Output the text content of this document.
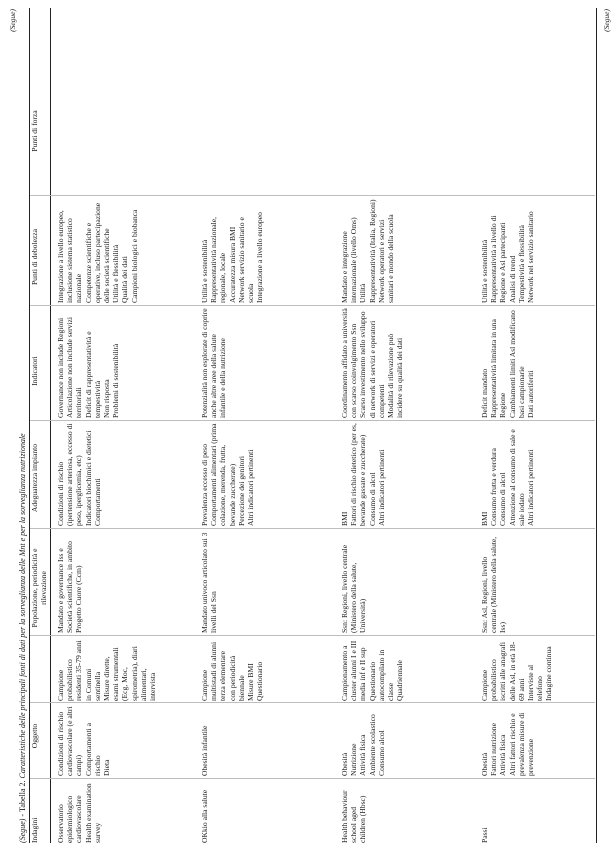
(Segue)
(Segue) - Tabella 2. Caratteristiche delle principali fonti di dati per la sorveglianza delle Mnt e per la sorveglianza nutrizionale
Indagini
Oggetto
Popolazione, periodicità e rilevazione
Adeguatezza impianto
Indicatori
Punti di debolezza
Punti di forza
Osservatorio epidemiologico cardiovascolare Health examination survey
Condizioni di rischio cardiovascolare (e altri campi) Comportamenti a rischio Dieta
Campione probabilistico residenti 35-79 anni in Comuni sentinella Misure dirette, esami strumentali (Ecg, Moc, spirometria), diari alimentari, intervista
Mandato e governance Iss e Società scientifiche, in ambito Progetto Cuore (Ccm)
Condizioni di rischio (ipertensione arteriosa, eccesso di peso, iperglicemia, etc) Indicatori biochimici e dietetici Comportamenti
Governance non include Regioni Articolazione non include servizi territoriali Deficit di rappresentatività e tempestività Non risposta Problemi di sostenibilità
Integrazione a livello europeo, inclusione sistema statistico nazionale Competenze scientifiche e operative, incluso partecipazione delle società scientifiche Utilità e flessibilità Qualità dei dati Campioni biologici e biobanca
OKkio alla salute
Obesità infantile
Campione multistadi di alunni terza elementare con periodicità biennale Misure BMI Questionario
Mandato univoco articolato sui 3 livelli del Ssn
Prevalenza eccesso di peso Comportamenti alimentari (prima colazione, merenda, frutta, bevande zuccherate) Percezione dei genitori Altri indicatori pertinenti
Potenzialità non esplorate di coprire anche altre aree della salute infantile e della nutrizione
Utilità e sostenibilità Rappresentatività nazionale, regionale, locale Accuratezza misura BMI Network servizio sanitario e scuola Integrazione a livello europeo
Health behaviour school aged children (Hbsc)
Obesità Nutrizione Attività fisica Ambiente scolastico Consumo alcol
Campionamento a cluster alunni I e III media inf e II sup Questionario autocompilato in classe Quadriennale
Ssn: Regioni, livello centrale (Ministero della salute, Università)
BMI Fattori di rischio dietetico (per es, bevande gassate e zuccherate) Consumo di alcol Altri indicatori pertinenti
Coordinamento affidato a università con scarso coinvolgimento Ssn Scarso investimento nello sviluppo di network di servizi e operatori competenti Modalità di rilevazione può incidere su qualità dei dati
Mandato e integrazione internazionale (livello Oms) Utilità Rappresentatività (Italia, Regioni) Network operatori e servizi sanitari e mondo della scuola
Passi
Obesità Fattori nutrizione Attività fisica Altri fattori rischio e prevalenza misure di prevenzione
Campione probabilistico iscritti alle anagrafi delle Asl, in età 18-69 anni Interviste al telefono Indagine continua
Ssn: Asl, Regioni, livello centrale (Ministero della salute, Iss)
BMI Consumo frutta e verdura Consumo di alcol Attenzione al consumo di sale e sale iodato Altri indicatori pertinenti
Deficit mandato Rappresentatività limitata in una Regione Cambiamenti limiti Asl modificano basi campionarie Dati autoriferiti
Utilità e sostenibilità Rappresentatività a livello di Regione e Asl partecipanti Analisi di trend Tempestività e flessibilità Network nel servizio sanitario
(Segue)
